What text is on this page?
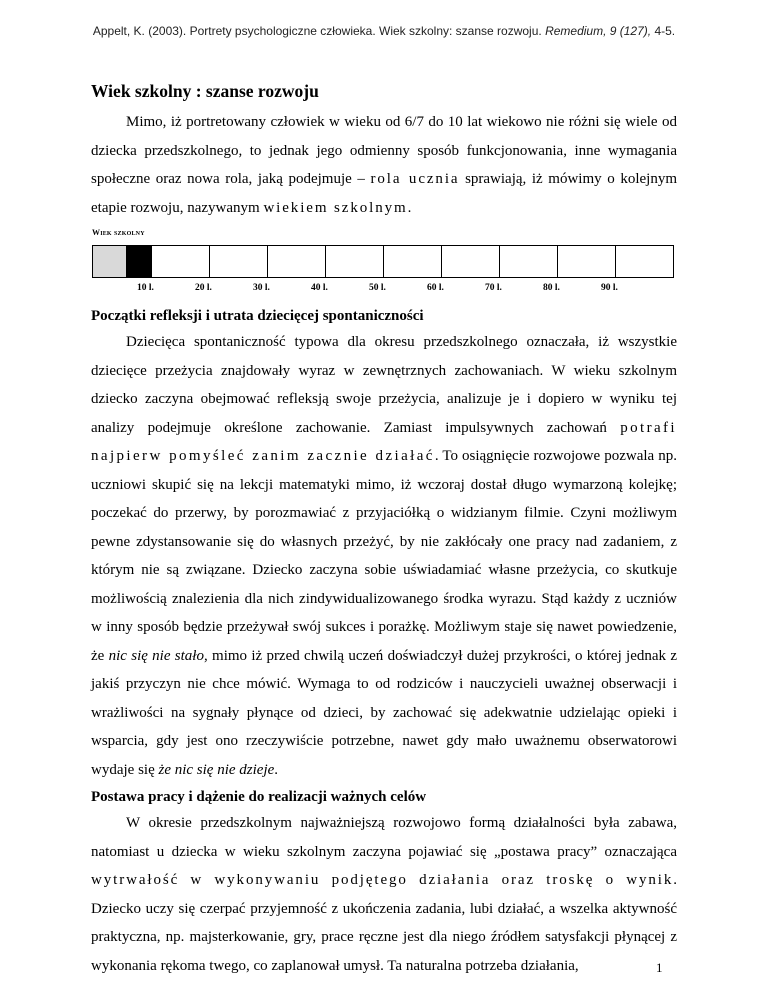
Appelt, K. (2003). Portrety psychologiczne człowieka. Wiek szkolny: szanse rozwoju. Remedium, 9 (127), 4-5.
Wiek szkolny : szanse rozwoju

Mimo, iż portretowany człowiek w wieku od 6/7 do 10 lat wiekowo nie różni się wiele od dziecka przedszkolnego, to jednak jego odmienny sposób funkcjonowania, inne wymagania społeczne oraz nowa rola, jaką podejmuje – rola ucznia sprawiają, iż mówimy o kolejnym etapie rozwoju, nazywanym wiekiem szkolnym.

Wiek szkolny
10 l.	20 l.	30 l.	40 l.	50 l.	60 l.	70 l.	80 l.	90 l.
Początki refleksji i utrata dziecięcej spontaniczności

Dziecięca spontaniczność typowa dla okresu przedszkolnego oznaczała, iż wszystkie dziecięce przeżycia znajdowały wyraz w zewnętrznych zachowaniach. W wieku szkolnym dziecko zaczyna obejmować refleksją swoje przeżycia, analizuje je i dopiero w wyniku tej analizy podejmuje określone zachowanie. Zamiast impulsywnych zachowań potrafi najpierw pomyśleć zanim zacznie działać. To osiągnięcie rozwojowe pozwala np. uczniowi skupić się na lekcji matematyki mimo, iż wczoraj dostał długo wymarzoną kolejkę; poczekać do przerwy, by porozmawiać z przyjaciółką o widzianym filmie. Czyni możliwym pewne zdystansowanie się do własnych przeżyć, by nie zakłócały one pracy nad zadaniem, z którym nie są związane. Dziecko zaczyna sobie uświadamiać własne przeżycia, co skutkuje możliwością znalezienia dla nich zindywidualizowanego środka wyrazu. Stąd każdy z uczniów w inny sposób będzie przeżywał swój sukces i porażkę. Możliwym staje się nawet powiedzenie, że nic się nie stało, mimo iż przed chwilą uczeń doświadczył dużej przykrości, o której jednak z jakiś przyczyn nie chce mówić. Wymaga to od rodziców i nauczycieli uważnej obserwacji i wrażliwości na sygnały płynące od dzieci, by zachować się adekwatnie udzielając opieki i wsparcia, gdy jest ono rzeczywiście potrzebne, nawet gdy mało uważnemu obserwatorowi wydaje się że nic się nie dzieje.

Postawa pracy i dążenie do realizacji ważnych celów

W okresie przedszkolnym najważniejszą rozwojowo formą działalności była zabawa, natomiast u dziecka w wieku szkolnym zaczyna pojawiać się „postawa pracy” oznaczająca wytrwałość w wykonywaniu podjętego działania oraz troskę o wynik. Dziecko uczy się czerpać przyjemność z ukończenia zadania, lubi działać, a wszelka aktywność praktyczna, np. majsterkowanie, gry, prace ręczne jest dla niego źródłem satysfakcji płynącej z wykonania rękoma twego, co zaplanował umysł. Ta naturalna potrzeba działania,	1
